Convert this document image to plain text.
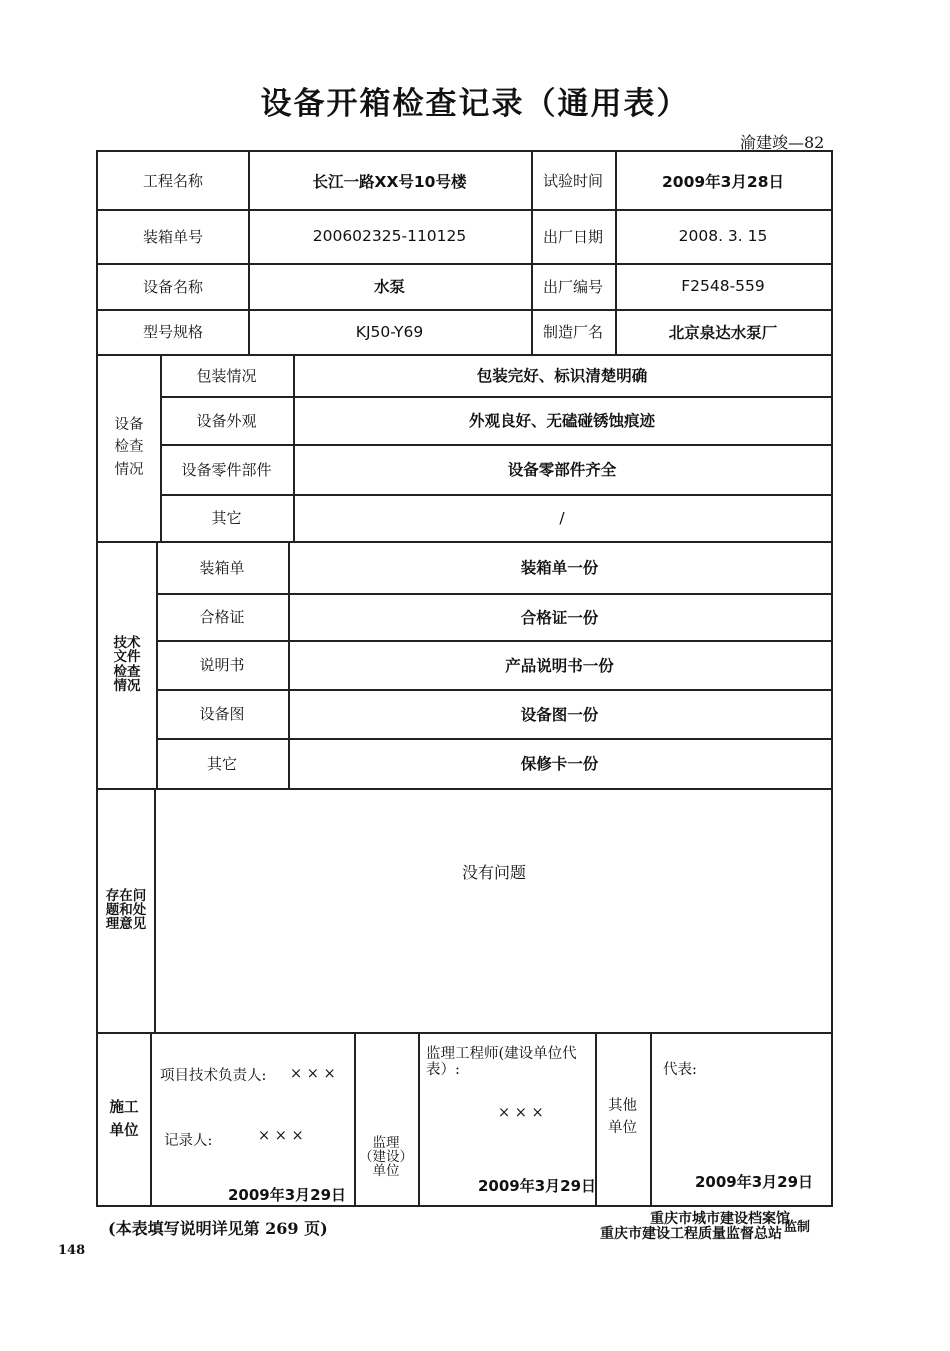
设备开箱检查记录（通用表）
渝建竣—82
工程名称	长江一路XX号10号楼	试验时间	2009年3月28日
装箱单号	200602325-110125	出厂日期	2008. 3. 15
设备名称	水泵	出厂编号	F2548-559
型号规格	KJ50-Y69	制造厂名	北京泉达水泵厂
设备
检查
情况
包装情况	包装完好、标识清楚明确
设备外观	外观良好、无磕碰锈蚀痕迹
设备零件部件	设备零部件齐全
其它	/
技术
文件
检查
情况
装箱单	装箱单一份
合格证	合格证一份
说明书	产品说明书一份
设备图	设备图一份
其它	保修卡一份
存在问
题和处
理意见
没有问题
施工
单位
项目技术负责人: × × ×
记录人:	× × ×
2009年3月29日
监理
（建设）
单位
监理工程师(建设单位代表）:
× × ×
2009年3月29日
其他
单位
代表:
2009年3月29日
(本表填写说明详见第 269 页)	重庆市城市建设档案馆
重庆市建设工程质量监督总站 监制
148
